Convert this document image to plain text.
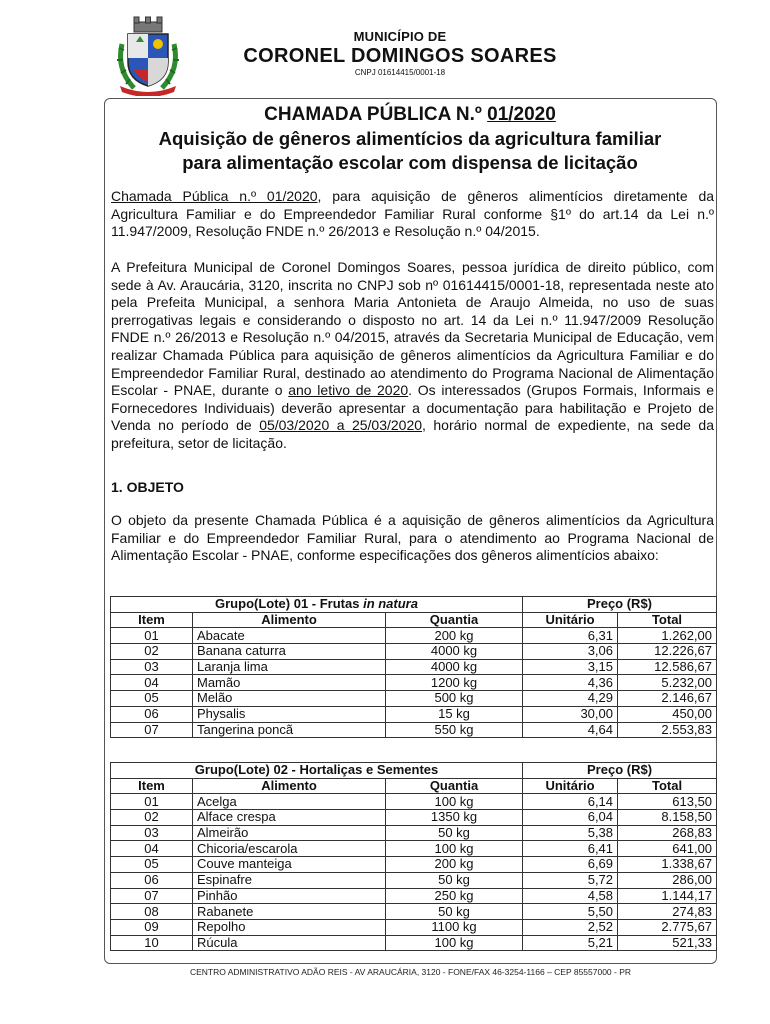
MUNICÍPIO DE
CORONEL DOMINGOS SOARES
CNPJ 01614415/0001-18
CHAMADA PÚBLICA N.º 01/2020
Aquisição de gêneros alimentícios da agricultura familiar
para alimentação escolar com dispensa de licitação

Chamada Pública n.º 01/2020, para aquisição de gêneros alimentícios diretamente da Agricultura Familiar e do Empreendedor Familiar Rural conforme §1º do art.14 da Lei n.º 11.947/2009, Resolução FNDE n.º 26/2013 e Resolução n.º 04/2015.

A Prefeitura Municipal de Coronel Domingos Soares, pessoa jurídica de direito público, com sede à Av. Araucária, 3120, inscrita no CNPJ sob nº 01614415/0001-18, representada neste ato pela Prefeita Municipal, a senhora Maria Antonieta de Araujo Almeida, no uso de suas prerrogativas legais e considerando o disposto no art. 14 da Lei n.º 11.947/2009 Resolução FNDE n.º 26/2013 e Resolução n.º 04/2015, através da Secretaria Municipal de Educação, vem realizar Chamada Pública para aquisição de gêneros alimentícios da Agricultura Familiar e do Empreendedor Familiar Rural, destinado ao atendimento do Programa Nacional de Alimentação Escolar - PNAE, durante o ano letivo de 2020. Os interessados (Grupos Formais, Informais e Fornecedores Individuais) deverão apresentar a documentação para habilitação e Projeto de Venda no período de 05/03/2020 a 25/03/2020, horário normal de expediente, na sede da prefeitura, setor de licitação.

1. OBJETO

O objeto da presente Chamada Pública é a aquisição de gêneros alimentícios da Agricultura Familiar e do Empreendedor Familiar Rural, para o atendimento ao Programa Nacional de Alimentação Escolar - PNAE, conforme especificações dos gêneros alimentícios abaixo:

Grupo(Lote) 01 - Frutas in natura			Preço (R$)	
Item	Alimento	Quantia	Unitário	Total
01	Abacate	200 kg	6,31	1.262,00
02	Banana caturra	4000 kg	3,06	12.226,67
03	Laranja lima	4000 kg	3,15	12.586,67
04	Mamão	1200 kg	4,36	5.232,00
05	Melão	500 kg	4,29	2.146,67
06	Physalis	15 kg	30,00	450,00
07	Tangerina poncã	550 kg	4,64	2.553,83
Grupo(Lote) 02 - Hortaliças e Sementes			Preço (R$)	
Item	Alimento	Quantia	Unitário	Total
01	Acelga	100 kg	6,14	613,50
02	Alface crespa	1350 kg	6,04	8.158,50
03	Almeirão	50 kg	5,38	268,83
04	Chicoria/escarola	100 kg	6,41	641,00
05	Couve manteiga	200 kg	6,69	1.338,67
06	Espinafre	50 kg	5,72	286,00
07	Pinhão	250 kg	4,58	1.144,17
08	Rabanete	50 kg	5,50	274,83
09	Repolho	1100 kg	2,52	2.775,67
10	Rúcula	100 kg	5,21	521,33
CENTRO ADMINISTRATIVO ADÃO REIS - AV ARAUCÁRIA, 3120 - FONE/FAX 46-3254-1166 – CEP 85557000 - PR
